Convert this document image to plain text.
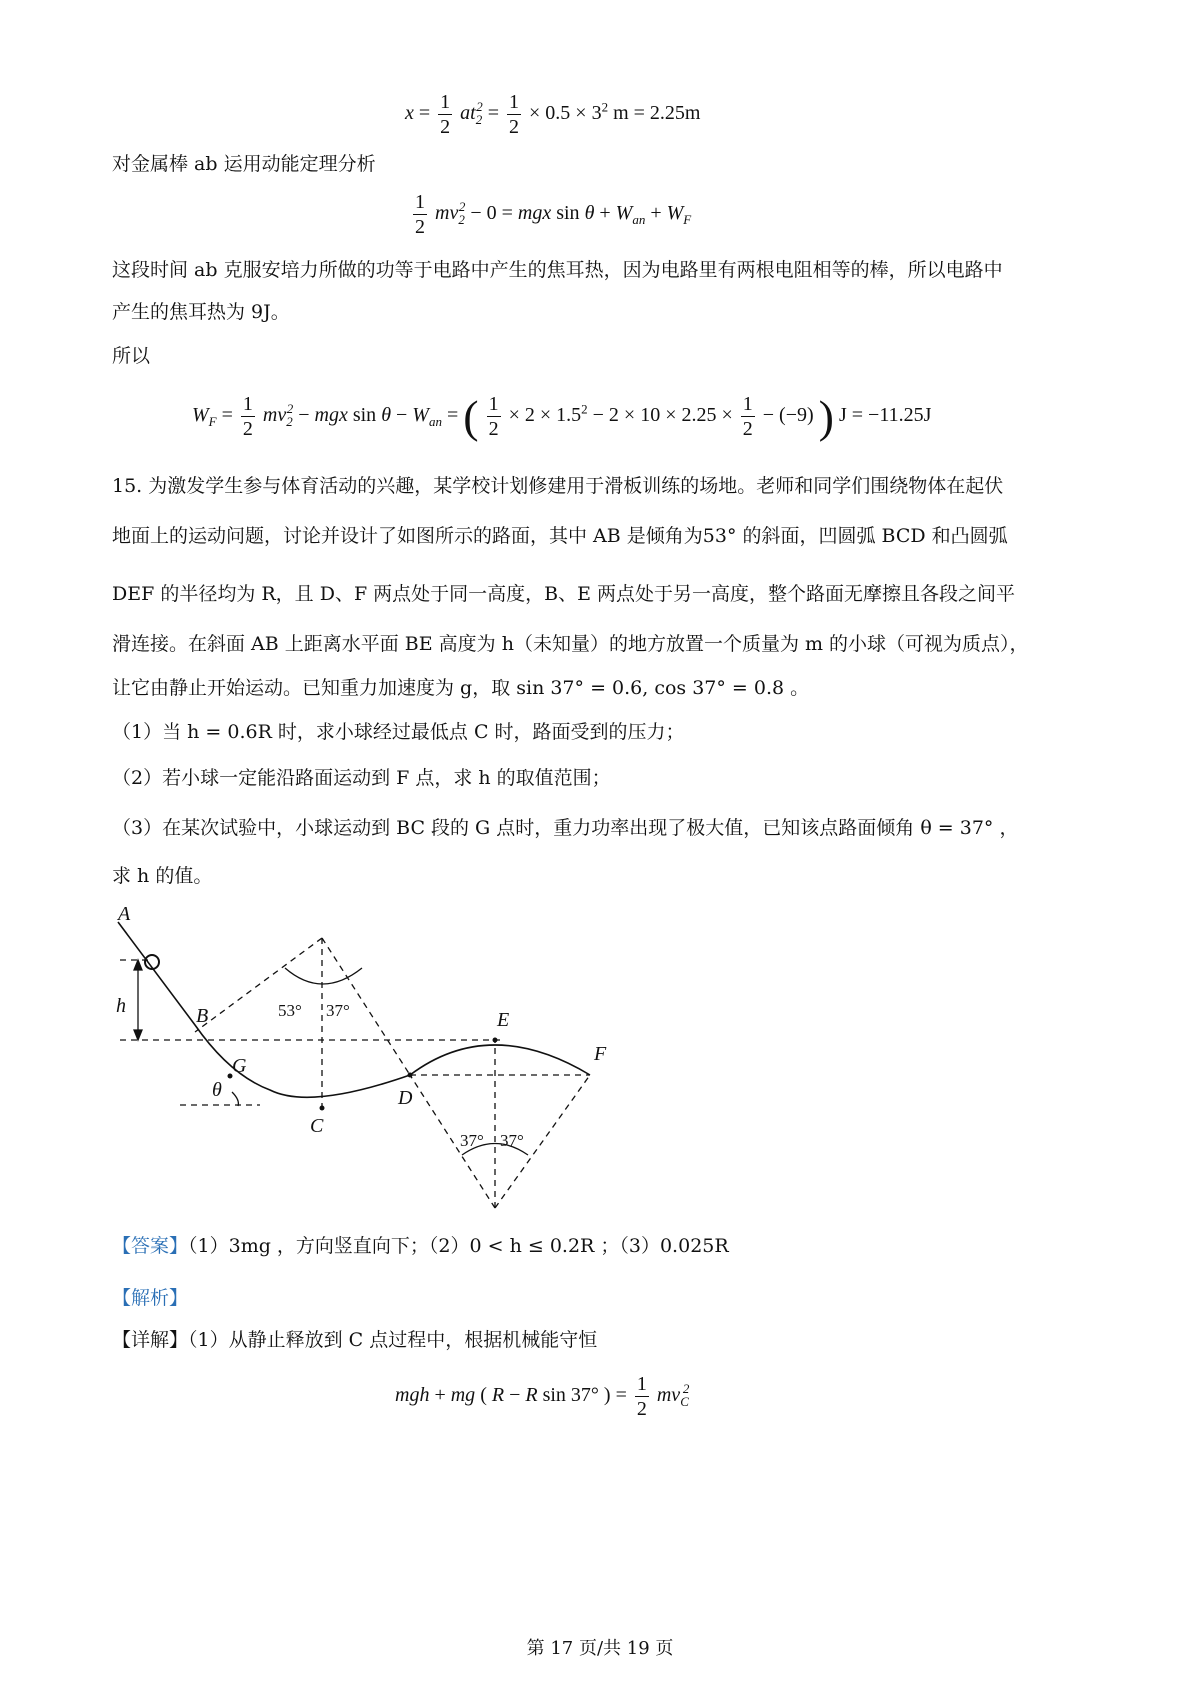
$x = \frac{1}{2} at_2^2 = \frac{1}{2} \times 0.5 \times 3^2$ m = 2.25m
对金属棒 ab 运用动能定理分析
$\frac{1}{2} mv_2^2 - 0$ = mgx $\sin \theta + W_{an} + W_F$
这段时间 ab 克服安培力所做的功等于电路中产生的焦耳热，因为电路里有两根电阻相等的棒，所以电路中
产生的焦耳热为 9J。
所以
$W_F = \frac{1}{2} mv_2^2$ − mgx $\sin \theta - W_{an}$ = ( $\frac{1}{2} \times 2 \times 1.5^2 - 2 \times 10 \times 2.25 \times \frac{1}{2} - (-9)$ ) J = −11.25J
15. 为激发学生参与体育活动的兴趣，某学校计划修建用于滑板训练的场地。老师和同学们围绕物体在起伏
地面上的运动问题，讨论并设计了如图所示的路面，其中 AB 是倾角为53° 的斜面，凹圆弧 BCD 和凸圆弧
DEF 的半径均为 R，且 D、F 两点处于同一高度，B、E 两点处于另一高度，整个路面无摩擦且各段之间平
滑连接。在斜面 AB 上距离水平面 BE 高度为 h（未知量）的地方放置一个质量为 m 的小球（可视为质点），
让它由静止开始运动。已知重力加速度为 g，取 sin 37° = 0.6, cos 37° = 0.8 。
（1）当 h = 0.6R 时，求小球经过最低点 C 时，路面受到的压力；
（2）若小球一定能沿路面运动到 F 点，求 h 的取值范围；
（3）在某次试验中，小球运动到 BC 段的 G 点时，重力功率出现了极大值，已知该点路面倾角 θ = 37° ，
求 h 的值。
A
B
C
D
E
F
G
h
θ
53° 37°
37° 37°
【答案】（1）3mg ，方向竖直向下；（2）0 < h ≤ 0.2R ；（3）0.025R
【解析】
【详解】（1）从静止释放到 C 点过程中，根据机械能守恒
mgh + mg ( R − R sin 37° ) = $\frac{1}{2} mv_C^2$
第 17 页/共 19 页
